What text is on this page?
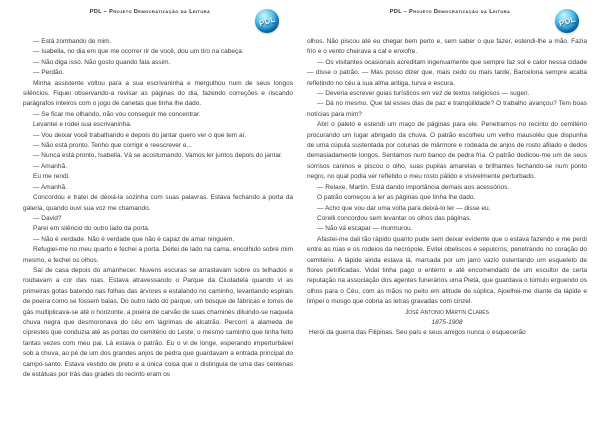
PDL – Projeto Democratização da Leitura
PDL

— Está zombando de mim.

— Isabella, no dia em que me ocorrer rir de você, dou um tiro na cabeça.

— Não diga isso. Não gosto quando fala assim.

— Perdão.

Minha assistente voltou para a sua escrivaninha e mergulhou num de seus longos silêncios. Fiquei observando-a revisar as páginas do dia, fazendo correções e riscando parágrafos inteiros com o jogo de canetas que tinha lhe dado.

— Se ficar me olhando, não vou conseguir me concentrar.

Levantei e rodei sua escrivaninha.

— Vou deixar você trabalhando e depois do jantar quero ver o que tem aí.

— Não está pronto. Tenho que corrigir e reescrever e...

— Nunca está pronto, Isabella. Vá se acostumando. Vamos ler juntos depois do jantar.

— Amanhã.

Eu me rendi.

— Amanhã.

Concordou e tratei de deixá-la sozinha com suas palavras. Estava fechando a porta da galeria, quando ouvi sua voz me chamando.

— David?

Parei em silêncio do outro lado da porta.

— Não é verdade. Não é verdade que não é capaz de amar ninguém.

Refugiei-me no meu quarto e fechei a porta. Deitei de lado na cama, encolhido sobre mim mesmo, e fechei os olhos.

Saí de casa depois do amanhecer. Nuvens escuras se arrastavam sobre os telhados e roubavam a cor das rúas. Estava atravessando o Parque da Ciudadela quando vi as primeiras gotas batendo nas folhas das árvores e estalando no caminho, levantando espirais de poeira como se fossem balas. Do outro lado do parque, um bosque de fábricas e torres de gás multiplicava-se até o horizonte, a poeira de carvão de suas chaminés diluindo-se naquela chuva negra que desmoronava do céu em lágrimas de alcatrão. Percorri a alameda de ciprestes que conduzia até as portas do cemitério do Leste, o mesmo caminho que tinha feito tantas vezes com meu pai. Lá estava o patrão. Eu o vi de longe, esperando imperturbável sob a chuva, ao pé de um dos grandes anjos de pedra que guardavam a entrada principal do campo-santo. Estava vestido de preto e a única coisa que o distinguia de uma das centenas de estátuas por trás das grades do recinto eram os

PDL – Projeto Democratização da Leitura
PDL

olhos. Não piscou até eu chegar bem perto e, sem saber o que fazer, estendi-lhe a mão. Fazia frio e o vento cheirava a cal e enxofre.

— Os visitantes ocasionais acreditam ingenuamente que sempre faz sol e calor nessa cidade — disse o patrão. — Mas posso dizer que, mais cedo ou mais tarde, Barcelona sempre acaba refletindo no céu a sua alma antiga, turva e escura.

— Deveria escrever guias turísticos em vez de textos religiosos — sugeri.

— Dá no mesmo. Que tal esses dias de paz e tranqüilidade? O trabalho avançou? Tem boas notícias para mim?

Abri o paletó e estendi um maço de páginas para ele. Penetramos no recinto do cemitério procurando um lugar abrigado da chuva. O patrão escolheu um velho mausoléu que dispunha de uma cúpula sustentada por colunas de mármore e rodeada de anjos de rosto afilado e dedos demasiadamente longos. Sentamos num banco de pedra fria. O patrão dedicou-me um de seus sorrisos caninos e piscou o olho, suas pupilas amarelas e brilhantes fechando-se num ponto negro, no qual podia ver refletido o meu rosto pálido e visivelmente perturbado.

— Relaxe, Martín. Está dando importância demais aos acessórios.

O patrão começou a ler as páginas que tinha lhe dado.

— Acho que vou dar uma volta para deixá-lo ler — disse eu.

Corelli concordou sem levantar os olhos das páginas.

— Não vá escapar — murmurou.

Afastei-me dali tão rápido quanto pude sem deixar evidente que o estava fazendo e me perdi entre as rúas e os rodeios da necrópole. Evitei obeliscos e sepulcros, penetrando no coração do cemitério. A lápide ainda estava lá, marcada por um jarro vazio ostentando um esqueleto de flores petrificadas. Vidal tinha pago o enterro e até encomendado de um escultor de certa reputação na associação dos agentes funerários uma Pietà, que guardava o túmulo erguendo os olhos para o Céu, com as mãos no peito em atitude de súplica. Ajoelhei-me diante da lápide e limpei o musgo que cobria as letras gravadas com cinzel.

José Antonio Martín Clarés
1875-1908
Herói da guerra das Filipinas. Seu país e seus amigos nunca o esquecerão
